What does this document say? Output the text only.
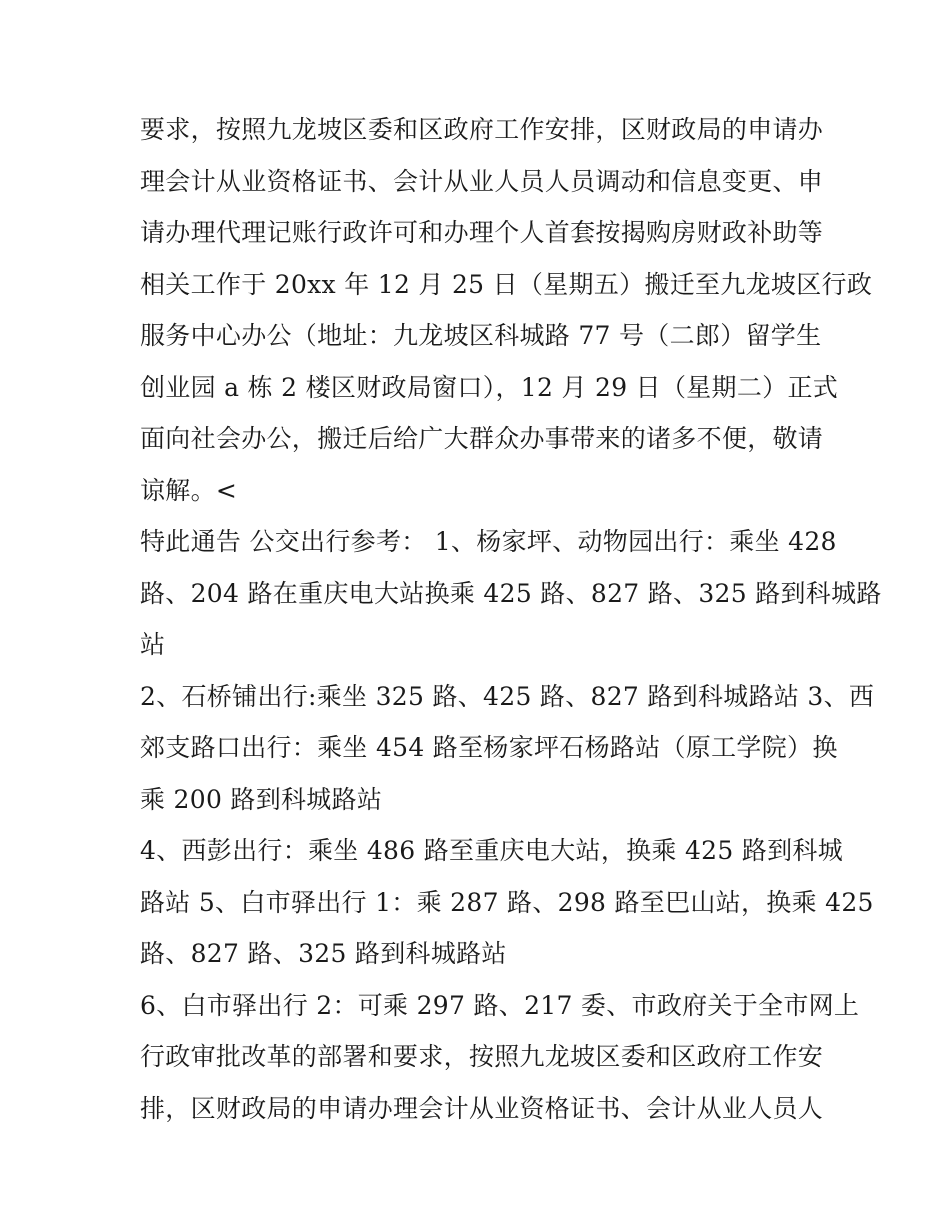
要求，按照九龙坡区委和区政府工作安排，区财政局的申请办
理会计从业资格证书、会计从业人员人员调动和信息变更、申
请办理代理记账行政许可和办理个人首套按揭购房财政补助等
相关工作于 20xx 年 12 月 25 日（星期五）搬迁至九龙坡区行政
服务中心办公（地址：九龙坡区科城路 77 号（二郎）留学生
创业园 a 栋 2 楼区财政局窗口），12 月 29 日（星期二）正式
面向社会办公，搬迁后给广大群众办事带来的诸多不便，敬请
谅解。<
特此通告 公交出行参考： 1、杨家坪、动物园出行：乘坐 428
路、204 路在重庆电大站换乘 425 路、827 路、325 路到科城路
站
2、石桥铺出行:乘坐 325 路、425 路、827 路到科城路站 3、西
郊支路口出行：乘坐 454 路至杨家坪石杨路站（原工学院）换
乘 200 路到科城路站
4、西彭出行：乘坐 486 路至重庆电大站，换乘 425 路到科城
路站 5、白市驿出行 1：乘 287 路、298 路至巴山站，换乘 425
路、827 路、325 路到科城路站
6、白市驿出行 2：可乘 297 路、217 委、市政府关于全市网上
行政审批改革的部署和要求，按照九龙坡区委和区政府工作安
排，区财政局的申请办理会计从业资格证书、会计从业人员人
